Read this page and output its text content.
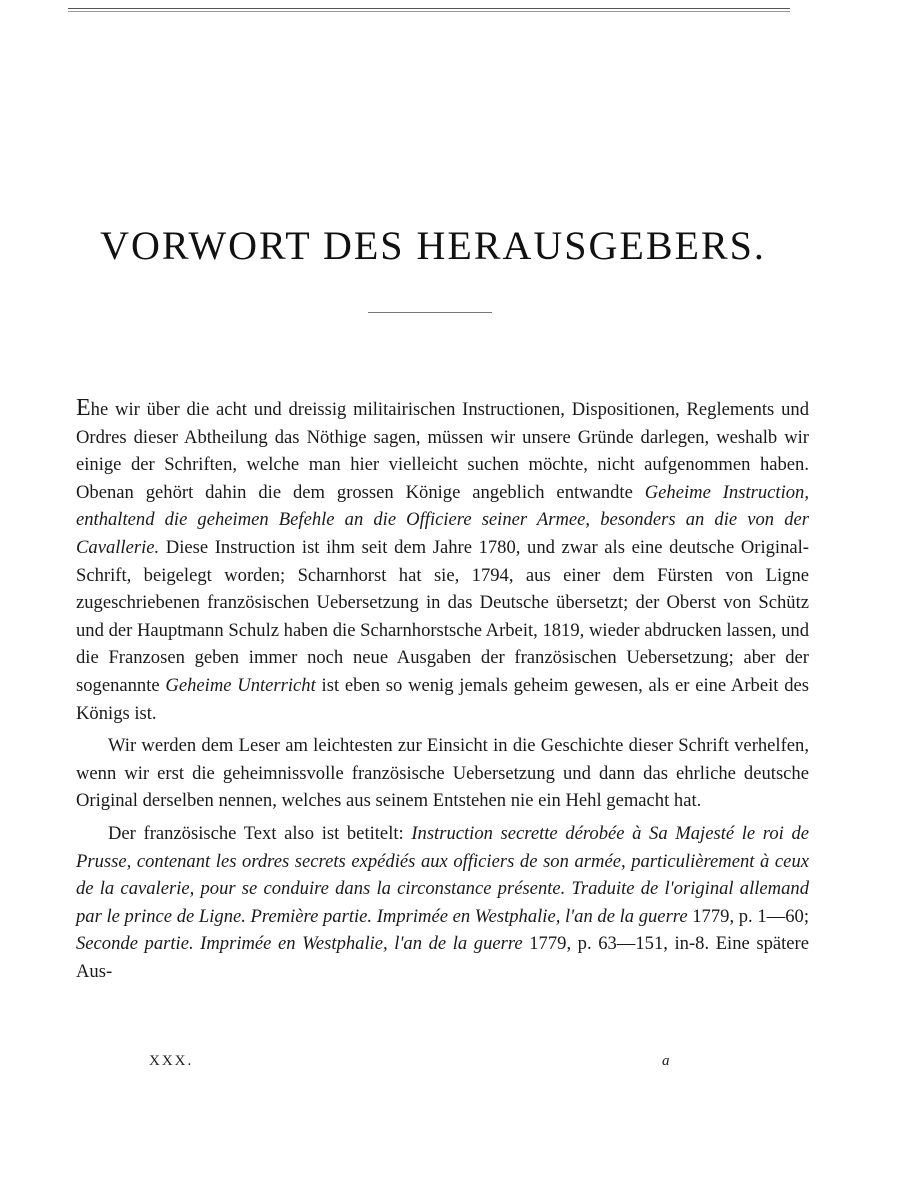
VORWORT DES HERAUSGEBERS.

Ehe wir über die acht und dreissig militairischen Instructionen, Dispositionen, Reglements und Ordres dieser Abtheilung das Nöthige sagen, müssen wir unsere Gründe darlegen, weshalb wir einige der Schriften, welche man hier vielleicht suchen möchte, nicht aufgenommen haben. Obenan gehört dahin die dem grossen Könige angeblich entwandte Geheime Instruction, enthaltend die geheimen Befehle an die Officiere seiner Armee, besonders an die von der Cavallerie. Diese Instruction ist ihm seit dem Jahre 1780, und zwar als eine deutsche Original-Schrift, beigelegt worden; Scharnhorst hat sie, 1794, aus einer dem Fürsten von Ligne zugeschriebenen französischen Uebersetzung in das Deutsche übersetzt; der Oberst von Schütz und der Hauptmann Schulz haben die Scharnhorstsche Arbeit, 1819, wieder abdrucken lassen, und die Franzosen geben immer noch neue Ausgaben der französischen Uebersetzung; aber der sogenannte Geheime Unterricht ist eben so wenig jemals geheim gewesen, als er eine Arbeit des Königs ist.

Wir werden dem Leser am leichtesten zur Einsicht in die Geschichte dieser Schrift verhelfen, wenn wir erst die geheimnissvolle französische Uebersetzung und dann das ehrliche deutsche Original derselben nennen, welches aus seinem Entstehen nie ein Hehl gemacht hat.

Der französische Text also ist betitelt: Instruction secrette dérobée à Sa Majesté le roi de Prusse, contenant les ordres secrets expédiés aux officiers de son armée, particulièrement à ceux de la cavalerie, pour se conduire dans la circonstance présente. Traduite de l'original allemand par le prince de Ligne. Première partie. Imprimée en Westphalie, l'an de la guerre 1779, p. 1—60; Seconde partie. Imprimée en Westphalie, l'an de la guerre 1779, p. 63—151, in-8. Eine spätere Aus-

XXX.	a
